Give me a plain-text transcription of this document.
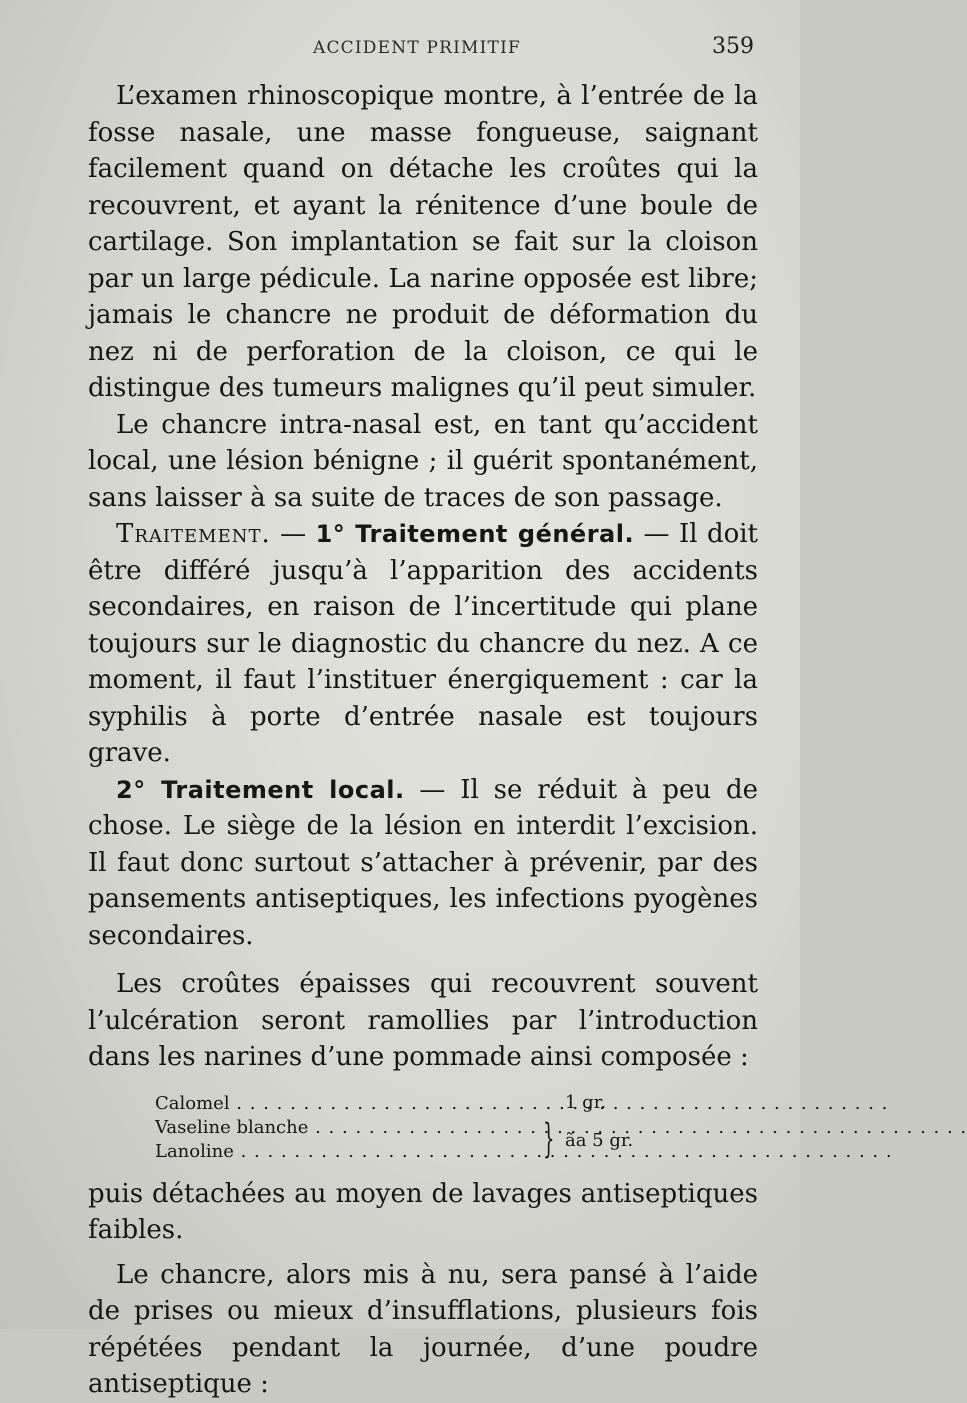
ACCIDENT PRIMITIF	359

L’examen rhinoscopique montre, à l’entrée de la fosse nasale, une masse fongueuse, saignant facilement quand on détache les croûtes qui la recouvrent, et ayant la rénitence d’une boule de cartilage. Son implantation se fait sur la cloison par un large pédicule. La narine opposée est libre; jamais le chancre ne produit de déformation du nez ni de perforation de la cloison, ce qui le distingue des tumeurs malignes qu’il peut simuler.

Le chancre intra-nasal est, en tant qu’accident local, une lésion bénigne ; il guérit spontanément, sans laisser à sa suite de traces de son passage.

Traitement. — 1° Traitement général. — Il doit être différé jusqu’à l’apparition des accidents secondaires, en raison de l’incertitude qui plane toujours sur le diagnostic du chancre du nez. A ce moment, il faut l’instituer énergiquement : car la syphilis à porte d’entrée nasale est toujours grave.

2° Traitement local. — Il se réduit à peu de chose. Le siège de la lésion en interdit l’excision. Il faut donc surtout s’attacher à prévenir, par des pansements antiseptiques, les infections pyogènes secondaires.

Les croûtes épaisses qui recouvrent souvent l’ulcération seront ramollies par l’introduction dans les narines d’une pommade ainsi composée :

Calomel . . .	1 gr.
Vaseline blanche . . .
Lanoline . . .	} ãa 5 gr.

puis détachées au moyen de lavages antiseptiques faibles.

Le chancre, alors mis à nu, sera pansé à l’aide de prises ou mieux d’insufflations, plusieurs fois répétées pendant la journée, d’une poudre antiseptique :
